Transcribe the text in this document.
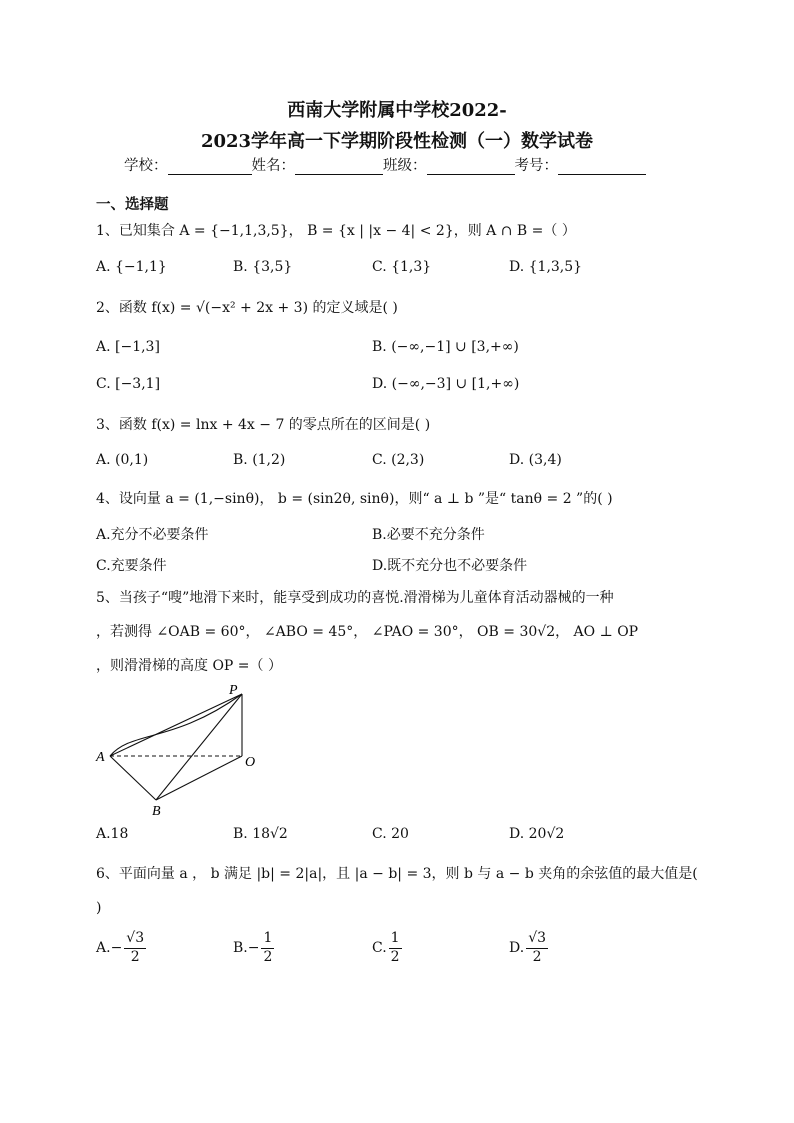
西南大学附属中学校2022-
2023学年高一下学期阶段性检测（一）数学试卷
学校：	姓名：	班级：	考号：
一、选择题
1、已知集合 A = {−1,1,3,5}， B = {x | |x − 4| < 2}，则 A ∩ B =（ ）
A. {−1,1}	B. {3,5}	C. {1,3}	D. {1,3,5}
2、函数 f(x) = √(−x² + 2x + 3) 的定义域是( )
A. [−1,3]	B. (−∞,−1] ∪ [3,+∞)
C. [−3,1]	D. (−∞,−3] ∪ [1,+∞)
3、函数 f(x) = lnx + 4x − 7 的零点所在的区间是( )
A. (0,1)	B. (1,2)	C. (2,3)	D. (3,4)
4、设向量 a = (1,−sinθ)， b = (sin2θ, sinθ)，则“ a ⊥ b ”是“ tanθ = 2 ”的( )
A.充分不必要条件	B.必要不充分条件
C.充要条件	D.既不充分也不必要条件
5、当孩子“嗖”地滑下来时，能享受到成功的喜悦.滑滑梯为儿童体育活动器械的一种
，若测得 ∠OAB = 60°， ∠ABO = 45°， ∠PAO = 30°， OB = 30√2， AO ⊥ OP
，则滑滑梯的高度 OP =（ ）
P
A	O
B
A.18	B. 18√2	C. 20	D. 20√2
6、平面向量 a ， b 满足 |b| = 2|a|，且 |a − b| = 3，则 b 与 a − b 夹角的余弦值的最大值是(
)
$A.- \frac{√3}{2}$	$B.- \frac{1}{2}$	C. $\frac{1}{2}$	D. $\frac{√3}{2}$
